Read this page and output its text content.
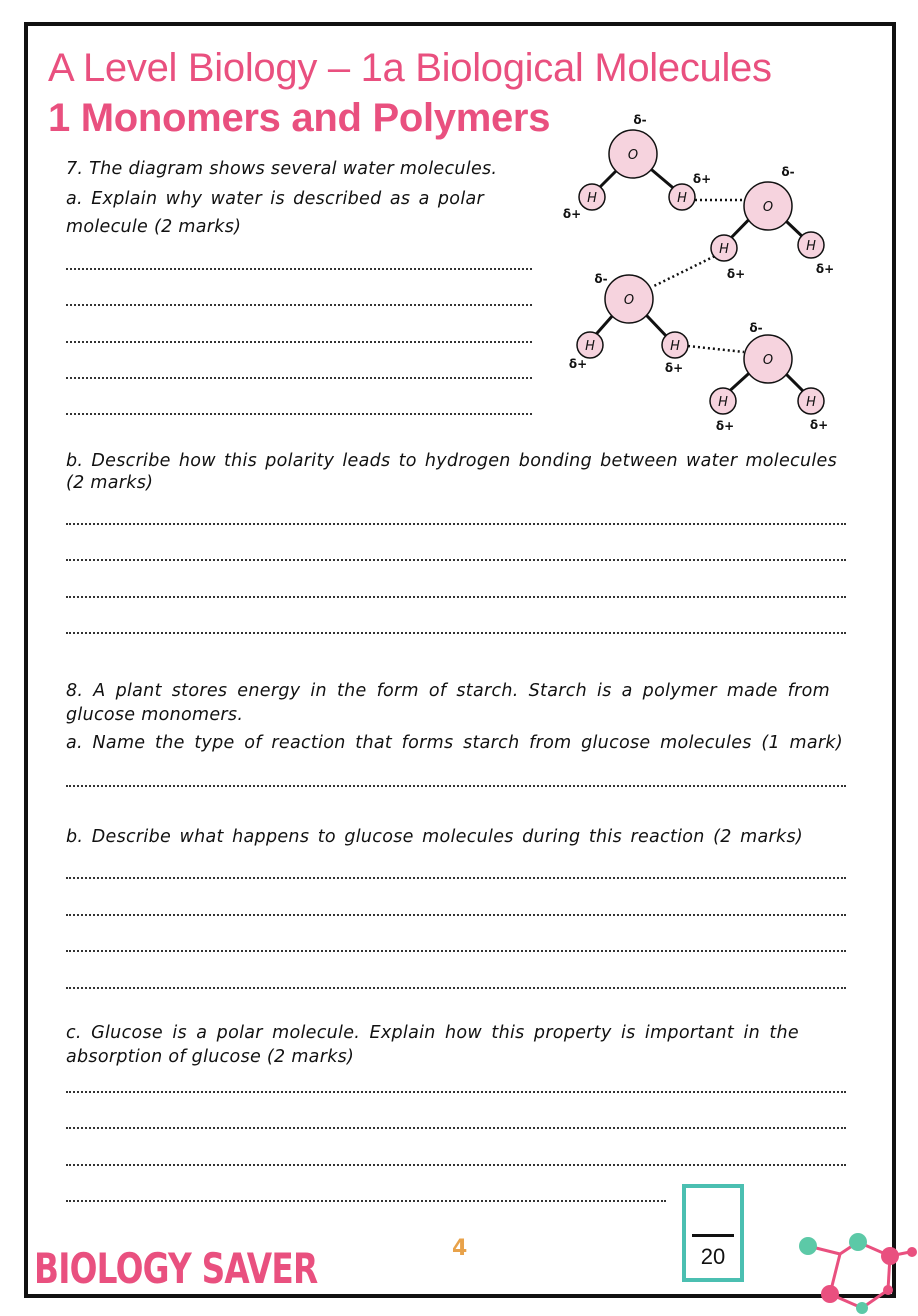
A Level Biology – 1a Biological Molecules
1 Monomers and Polymers
7. The diagram shows several water molecules.
a. Explain why water is described as a polar
molecule (2 marks)
O
H	H
O
H	H
O
H	H
O
H	H
δ-
δ+
δ+	δ-
δ+	δ+
δ-
δ+	δ+
δ-
δ+	δ+
b. Describe how this polarity leads to hydrogen bonding between water molecules
(2 marks)
8. A plant stores energy in the form of starch. Starch is a polymer made from
glucose monomers.
a. Name the type of reaction that forms starch from glucose molecules (1 mark)
b. Describe what happens to glucose molecules during this reaction (2 marks)
c. Glucose is a polar molecule. Explain how this property is important in the
absorption of glucose (2 marks)
BIOLOGY SAVER	4	20
